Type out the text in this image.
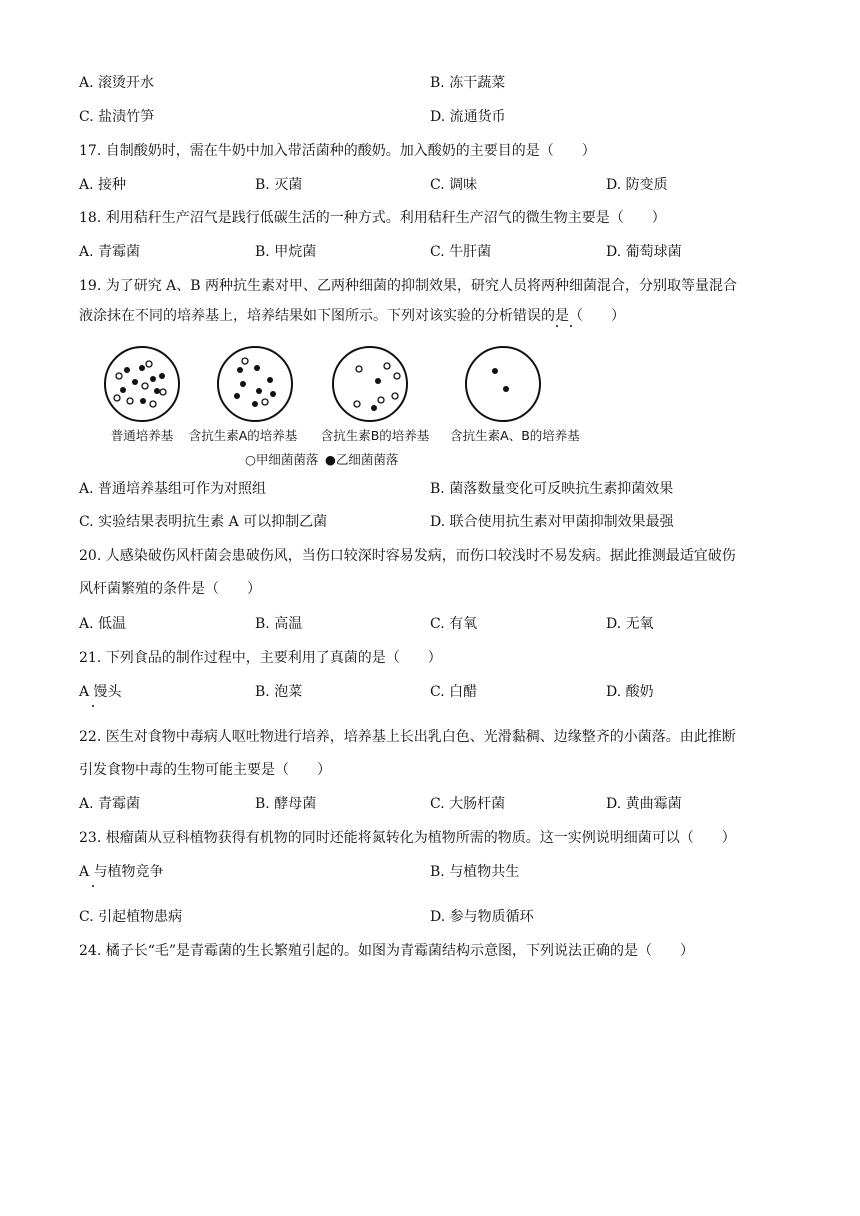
A. 滚烫开水	B. 冻干蔬菜
C. 盐渍竹笋	D. 流通货币
17. 自制酸奶时，需在牛奶中加入带活菌种的酸奶。加入酸奶的主要目的是（　　）
A. 接种	B. 灭菌	C. 调味	D. 防变质
18. 利用秸秆生产沼气是践行低碳生活的一种方式。利用秸秆生产沼气的微生物主要是（　　）
A. 青霉菌	B. 甲烷菌	C. 牛肝菌	D. 葡萄球菌
19. 为了研究 A、B 两种抗生素对甲、乙两种细菌的抑制效果，研究人员将两种细菌混合，分别取等量混合
液涂抹在不同的培养基上，培养结果如下图所示。下列对该实验的分析错误的是（　　）
普通培养基 含抗生素A的培养基 含抗生素B的培养基 含抗生素A、B的培养基
○甲细菌菌落 ●乙细菌菌落
A. 普通培养基组可作为对照组	B. 菌落数量变化可反映抗生素抑菌效果
C. 实验结果表明抗生素 A 可以抑制乙菌	D. 联合使用抗生素对甲菌抑制效果最强
20. 人感染破伤风杆菌会患破伤风，当伤口较深时容易发病，而伤口较浅时不易发病。据此推测最适宜破伤
风杆菌繁殖的条件是（　　）
A. 低温	B. 高温	C. 有氧	D. 无氧
21. 下列食品的制作过程中，主要利用了真菌的是（　　）
A 馒头	B. 泡菜	C. 白醋	D. 酸奶
22. 医生对食物中毒病人呕吐物进行培养，培养基上长出乳白色、光滑黏稠、边缘整齐的小菌落。由此推断
引发食物中毒的生物可能主要是（　　）
A. 青霉菌	B. 酵母菌	C. 大肠杆菌	D. 黄曲霉菌
23. 根瘤菌从豆科植物获得有机物的同时还能将氮转化为植物所需的物质。这一实例说明细菌可以（　　）
A 与植物竞争	B. 与植物共生
C. 引起植物患病	D. 参与物质循环
24. 橘子长“毛”是青霉菌的生长繁殖引起的。如图为青霉菌结构示意图，下列说法正确的是（　　）
